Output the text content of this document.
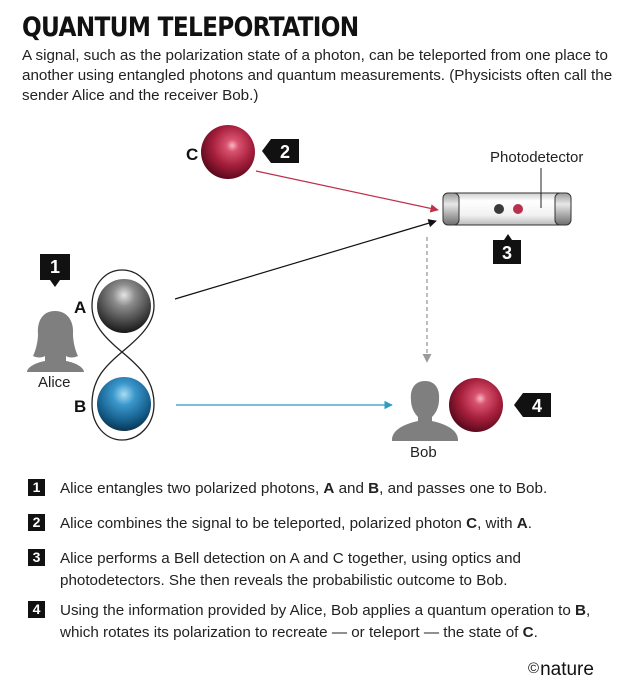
QUANTUM TELEPORTATION

A signal, such as the polarization state of a photon, can be teleported from one place to another using entangled photons and quantum measurements. (Physicists often call the sender Alice and the receiver Bob.)

C
A
B
1
2
3
4
Photodetector
Alice
Bob
1	Alice entangles two polarized photons, A and B, and passes one to Bob.
2	Alice combines the signal to be teleported, polarized photon C, with A.
3	Alice performs a Bell detection on A and C together, using optics and photodetectors. She then reveals the probabilistic outcome to Bob.
4	Using the information provided by Alice, Bob applies a quantum operation to B, which rotates its polarization to recreate — or teleport — the state of C.
©nature
